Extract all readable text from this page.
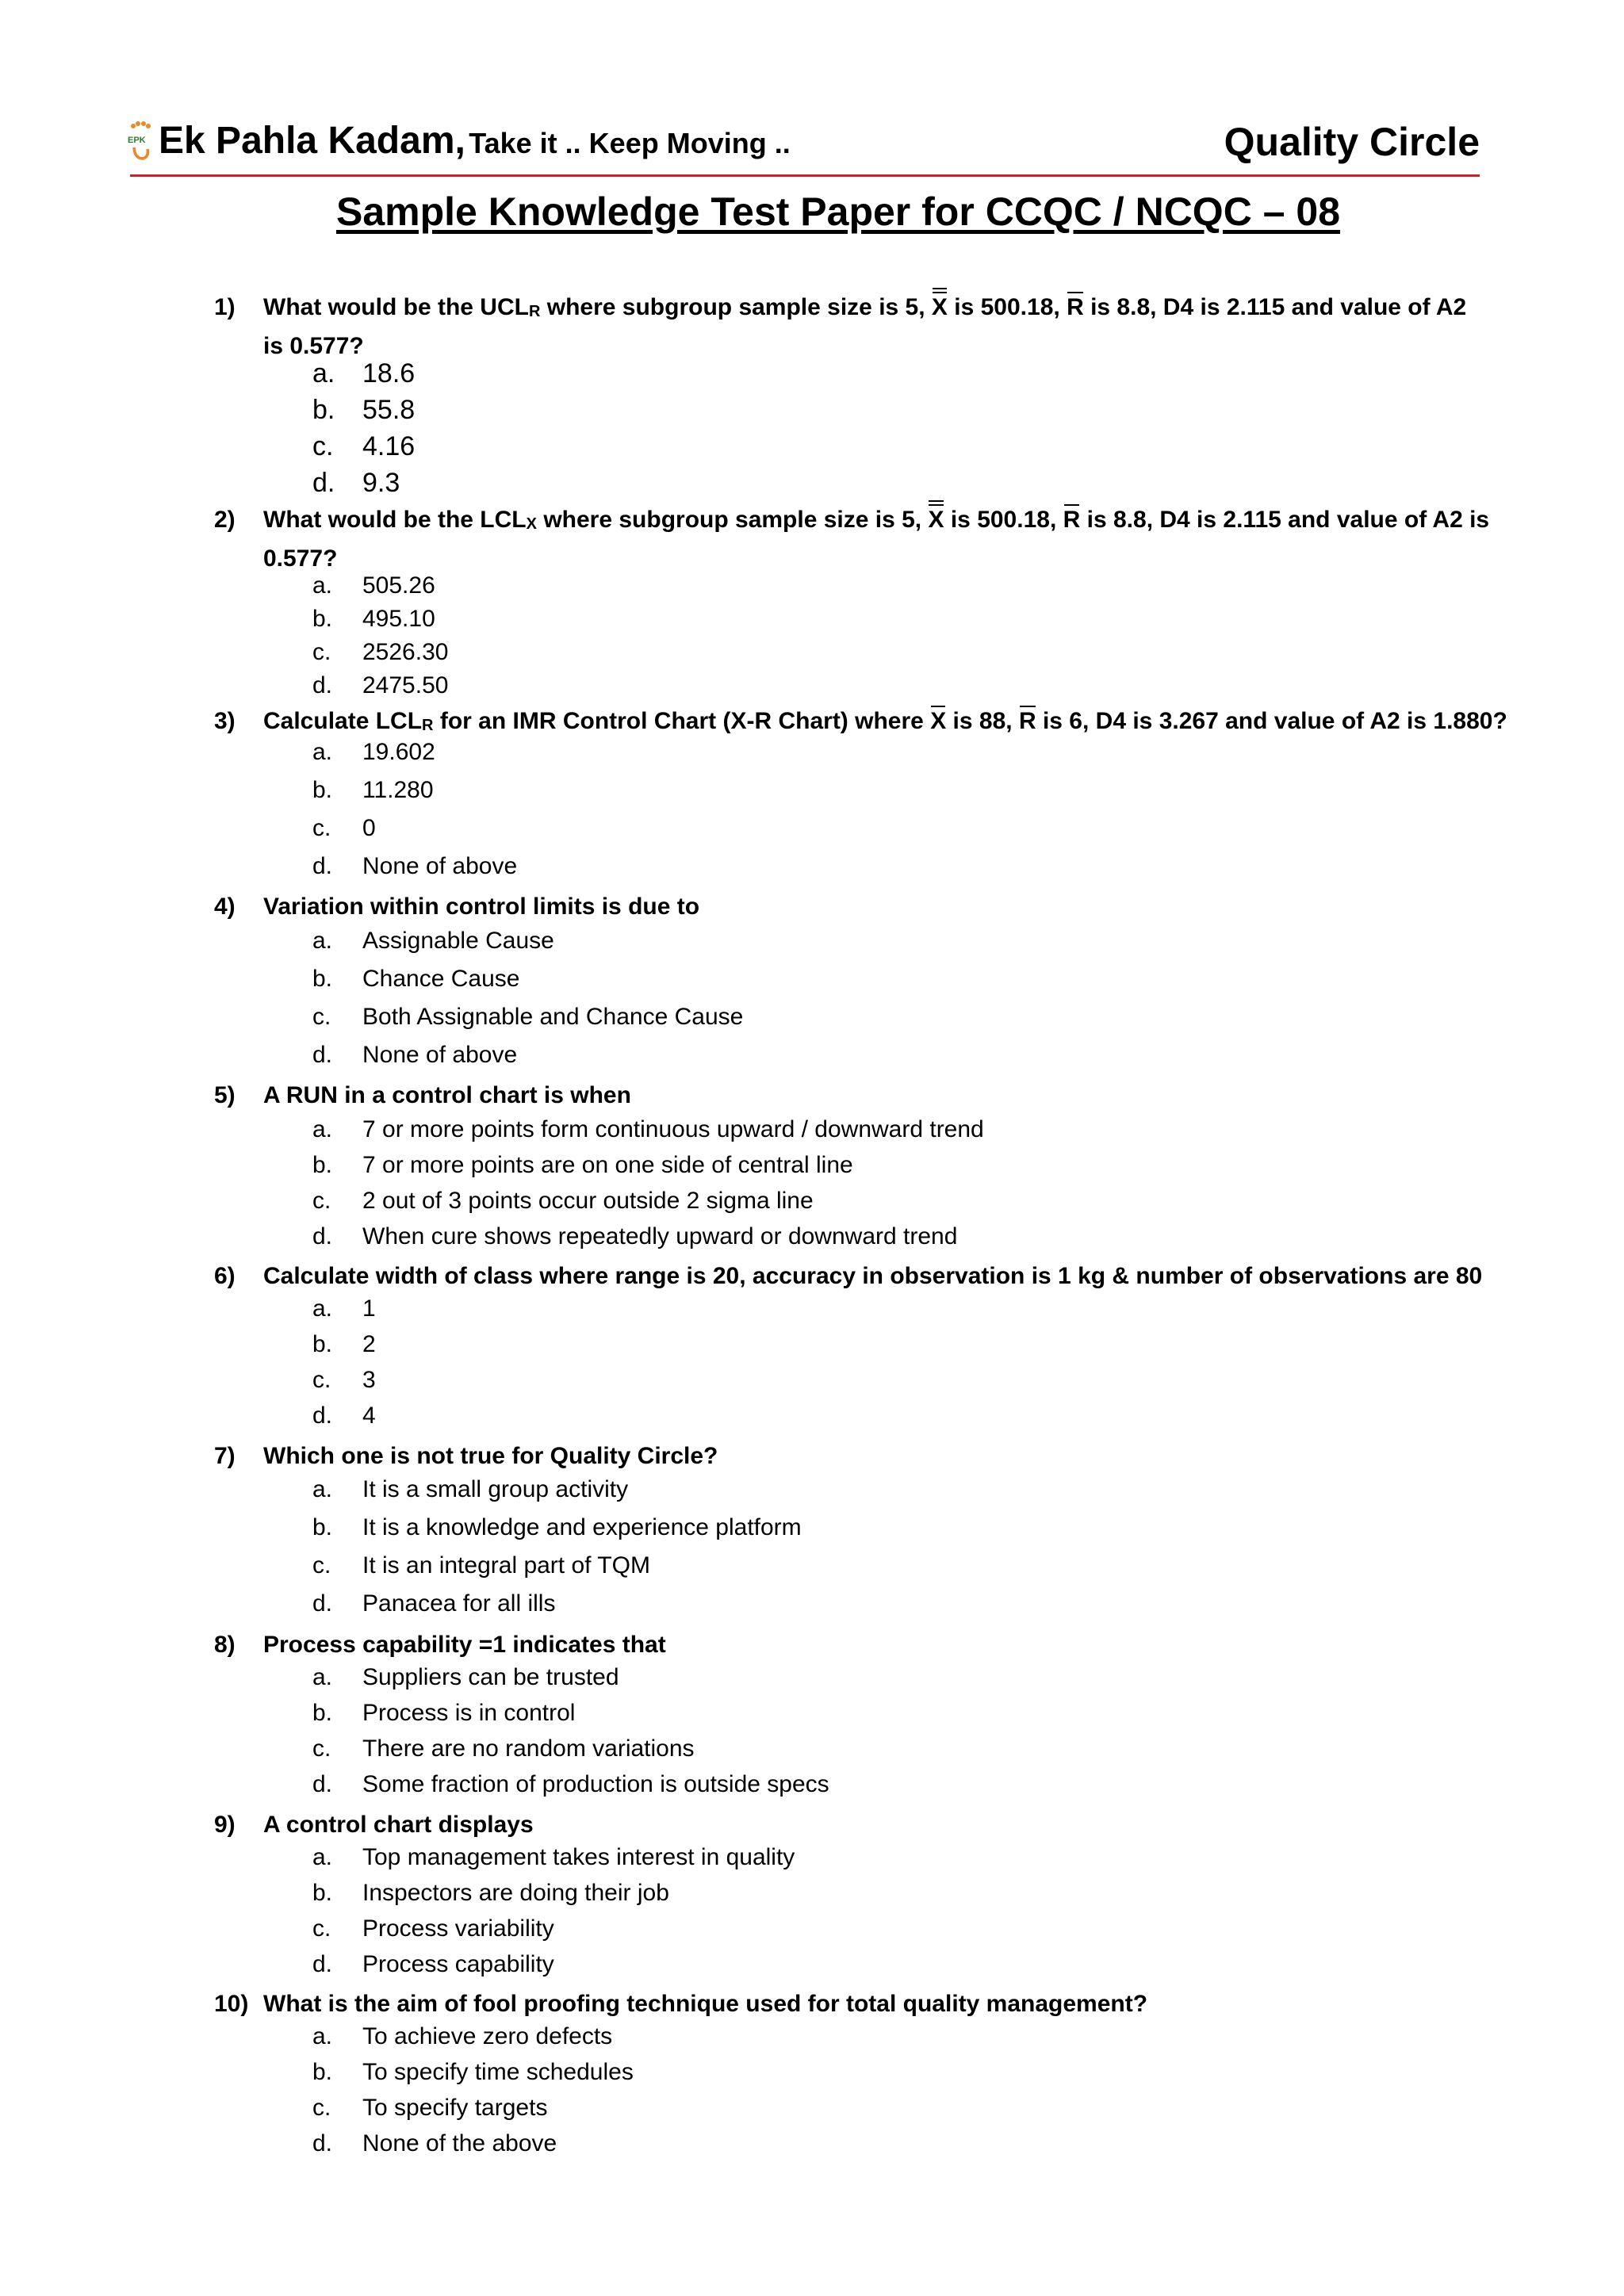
EPK Ek Pahla Kadam, Take it .. Keep Moving ..	Quality Circle
Sample Knowledge Test Paper for CCQC / NCQC – 08
1) What would be the UCLR where subgroup sample size is 5, X is 500.18, R is 8.8, D4 is 2.115 and value of A2 is 0.577?
a. 18.6
b. 55.8
c. 4.16
d. 9.3
2) What would be the LCLX where subgroup sample size is 5, X is 500.18, R is 8.8, D4 is 2.115 and value of A2 is 0.577?
a. 505.26
b. 495.10
c. 2526.30
d. 2475.50
3) Calculate LCLR for an IMR Control Chart (X-R Chart) where X is 88, R is 6, D4 is 3.267 and value of A2 is 1.880?
a. 19.602
b. 11.280
c. 0
d. None of above
4) Variation within control limits is due to
a. Assignable Cause
b. Chance Cause
c. Both Assignable and Chance Cause
d. None of above
5) A RUN in a control chart is when
a. 7 or more points form continuous upward / downward trend
b. 7 or more points are on one side of central line
c. 2 out of 3 points occur outside 2 sigma line
d. When cure shows repeatedly upward or downward trend
6) Calculate width of class where range is 20, accuracy in observation is 1 kg & number of observations are 80
a. 1
b. 2
c. 3
d. 4
7) Which one is not true for Quality Circle?
a. It is a small group activity
b. It is a knowledge and experience platform
c. It is an integral part of TQM
d. Panacea for all ills
8) Process capability =1 indicates that
a. Suppliers can be trusted
b. Process is in control
c. There are no random variations
d. Some fraction of production is outside specs
9) A control chart displays
a. Top management takes interest in quality
b. Inspectors are doing their job
c. Process variability
d. Process capability
10) What is the aim of fool proofing technique used for total quality management?
a. To achieve zero defects
b. To specify time schedules
c. To specify targets
d. None of the above
